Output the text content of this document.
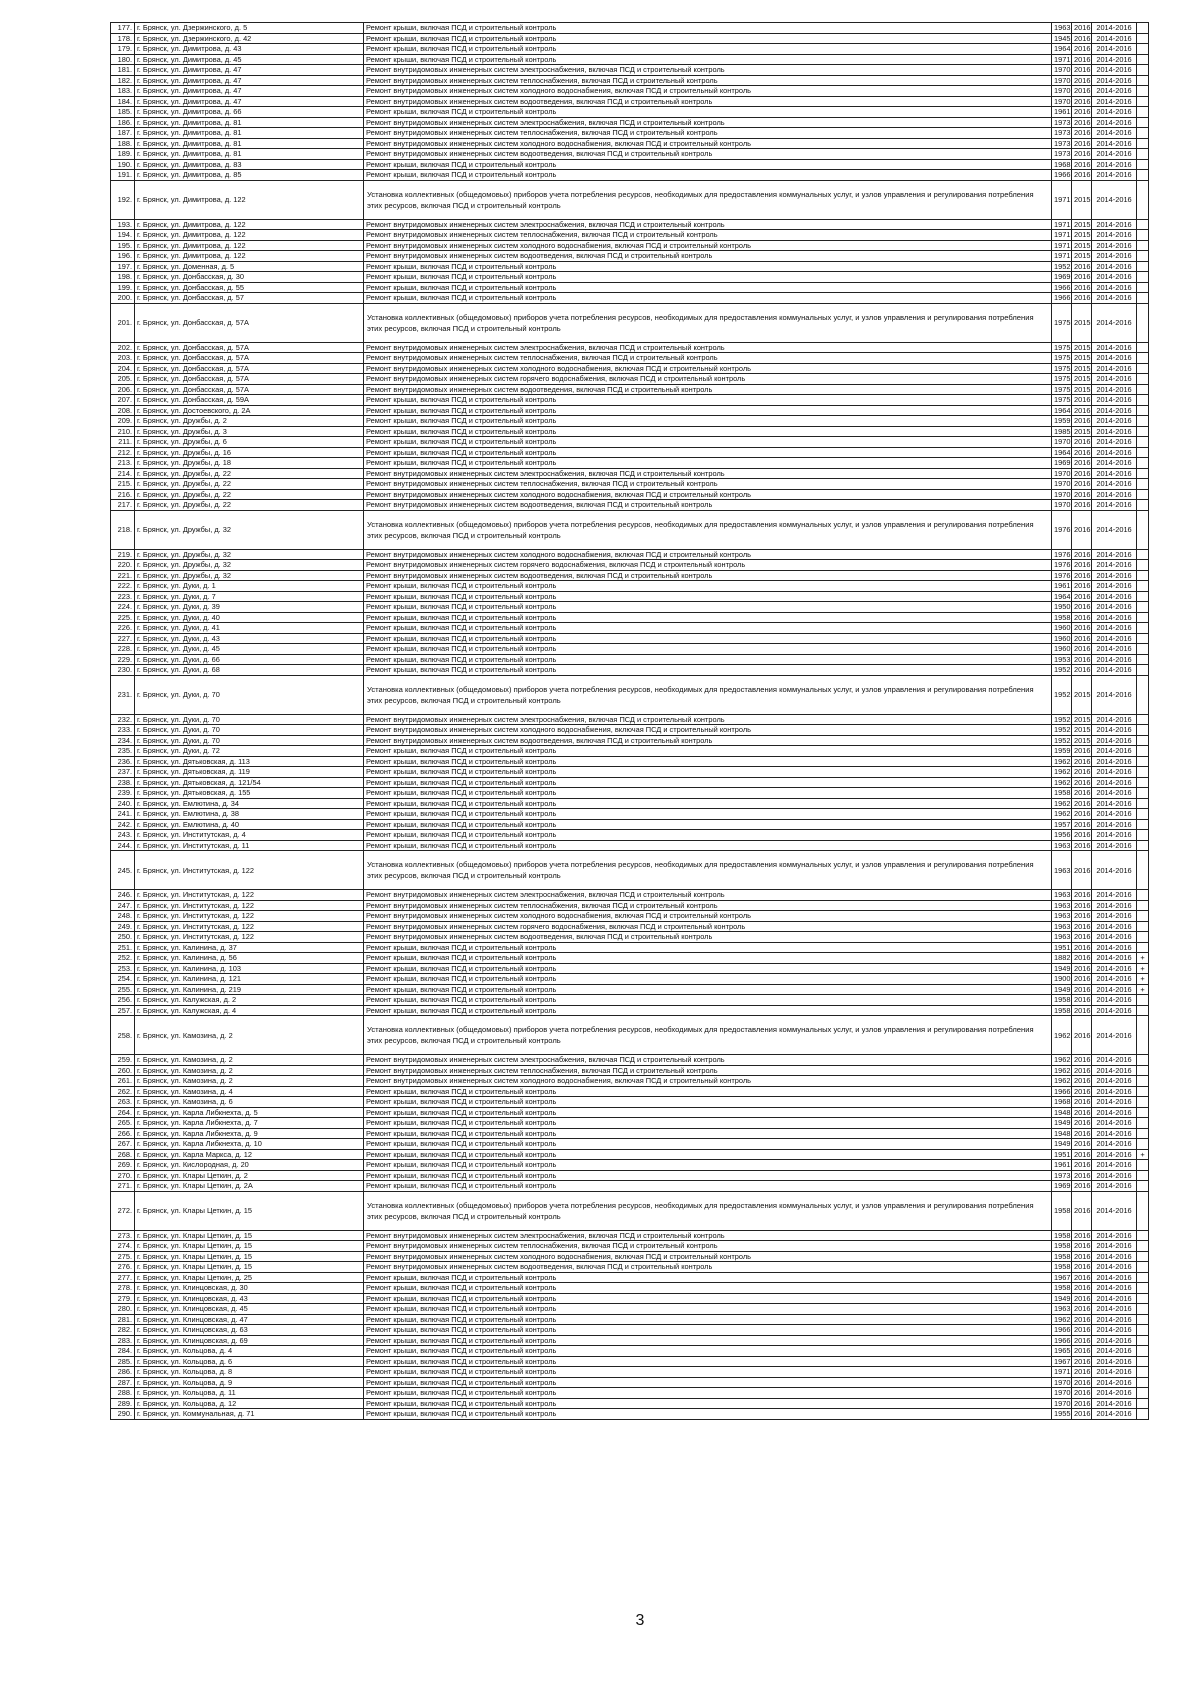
177.	г. Брянск, ул. Дзержинского, д. 5	Ремонт крыши, включая ПСД и строительный контроль	1963	2016	2014-2016	
178.	г. Брянск, ул. Дзержинского, д. 42	Ремонт крыши, включая ПСД и строительный контроль	1945	2016	2014-2016	
179.	г. Брянск, ул. Димитрова, д. 43	Ремонт крыши, включая ПСД и строительный контроль	1964	2016	2014-2016	
180.	г. Брянск, ул. Димитрова, д. 45	Ремонт крыши, включая ПСД и строительный контроль	1971	2016	2014-2016	
181.	г. Брянск, ул. Димитрова, д. 47	Ремонт внутридомовых инженерных систем электроснабжения, включая ПСД и строительный контроль	1970	2016	2014-2016	
182.	г. Брянск, ул. Димитрова, д. 47	Ремонт внутридомовых инженерных систем теплоснабжения, включая ПСД и строительный контроль	1970	2016	2014-2016	
183.	г. Брянск, ул. Димитрова, д. 47	Ремонт внутридомовых инженерных систем холодного водоснабжения, включая ПСД и строительный контроль	1970	2016	2014-2016	
184.	г. Брянск, ул. Димитрова, д. 47	Ремонт внутридомовых инженерных систем водоотведения, включая ПСД и строительный контроль	1970	2016	2014-2016	
185.	г. Брянск, ул. Димитрова, д. 66	Ремонт крыши, включая ПСД и строительный контроль	1961	2016	2014-2016	
186.	г. Брянск, ул. Димитрова, д. 81	Ремонт внутридомовых инженерных систем электроснабжения, включая ПСД и строительный контроль	1973	2016	2014-2016	
187.	г. Брянск, ул. Димитрова, д. 81	Ремонт внутридомовых инженерных систем теплоснабжения, включая ПСД и строительный контроль	1973	2016	2014-2016	
188.	г. Брянск, ул. Димитрова, д. 81	Ремонт внутридомовых инженерных систем холодного водоснабжения, включая ПСД и строительный контроль	1973	2016	2014-2016	
189.	г. Брянск, ул. Димитрова, д. 81	Ремонт внутридомовых инженерных систем водоотведения, включая ПСД и строительный контроль	1973	2016	2014-2016	
190.	г. Брянск, ул. Димитрова, д. 83	Ремонт крыши, включая ПСД и строительный контроль	1968	2016	2014-2016	
191.	г. Брянск, ул. Димитрова, д. 85	Ремонт крыши, включая ПСД и строительный контроль	1966	2016	2014-2016	
192.	г. Брянск, ул. Димитрова, д. 122	Установка коллективных (общедомовых) приборов учета потребления ресурсов, необходимых для предоставления коммунальных услуг, и узлов управления и регулирования потребления этих ресурсов, включая ПСД и строительный контроль	1971	2015	2014-2016	
193.	г. Брянск, ул. Димитрова, д. 122	Ремонт внутридомовых инженерных систем электроснабжения, включая ПСД и строительный контроль	1971	2015	2014-2016	
194.	г. Брянск, ул. Димитрова, д. 122	Ремонт внутридомовых инженерных систем теплоснабжения, включая ПСД и строительный контроль	1971	2015	2014-2016	
195.	г. Брянск, ул. Димитрова, д. 122	Ремонт внутридомовых инженерных систем холодного водоснабжения, включая ПСД и строительный контроль	1971	2015	2014-2016	
196.	г. Брянск, ул. Димитрова, д. 122	Ремонт внутридомовых инженерных систем водоотведения, включая ПСД и строительный контроль	1971	2015	2014-2016	
197.	г. Брянск, ул. Доменная, д. 5	Ремонт крыши, включая ПСД и строительный контроль	1952	2016	2014-2016	
198.	г. Брянск, ул. Донбасская, д. 30	Ремонт крыши, включая ПСД и строительный контроль	1969	2016	2014-2016	
199.	г. Брянск, ул. Донбасская, д. 55	Ремонт крыши, включая ПСД и строительный контроль	1966	2016	2014-2016	
200.	г. Брянск, ул. Донбасская, д. 57	Ремонт крыши, включая ПСД и строительный контроль	1966	2016	2014-2016	
201.	г. Брянск, ул. Донбасская, д. 57А	Установка коллективных (общедомовых) приборов учета потребления ресурсов, необходимых для предоставления коммунальных услуг, и узлов управления и регулирования потребления этих ресурсов, включая ПСД и строительный контроль	1975	2015	2014-2016	
202.	г. Брянск, ул. Донбасская, д. 57А	Ремонт внутридомовых инженерных систем электроснабжения, включая ПСД и строительный контроль	1975	2015	2014-2016	
203.	г. Брянск, ул. Донбасская, д. 57А	Ремонт внутридомовых инженерных систем теплоснабжения, включая ПСД и строительный контроль	1975	2015	2014-2016	
204.	г. Брянск, ул. Донбасская, д. 57А	Ремонт внутридомовых инженерных систем холодного водоснабжения, включая ПСД и строительный контроль	1975	2015	2014-2016	
205.	г. Брянск, ул. Донбасская, д. 57А	Ремонт внутридомовых инженерных систем горячего водоснабжения, включая ПСД и строительный контроль	1975	2015	2014-2016	
206.	г. Брянск, ул. Донбасская, д. 57А	Ремонт внутридомовых инженерных систем водоотведения, включая ПСД и строительный контроль	1975	2015	2014-2016	
207.	г. Брянск, ул. Донбасская, д. 59А	Ремонт крыши, включая ПСД и строительный контроль	1975	2016	2014-2016	
208.	г. Брянск, ул. Достоевского, д. 2А	Ремонт крыши, включая ПСД и строительный контроль	1964	2016	2014-2016	
209.	г. Брянск, ул. Дружбы, д. 2	Ремонт крыши, включая ПСД и строительный контроль	1959	2016	2014-2016	
210.	г. Брянск, ул. Дружбы, д. 3	Ремонт крыши, включая ПСД и строительный контроль	1985	2015	2014-2016	
211.	г. Брянск, ул. Дружбы, д. 6	Ремонт крыши, включая ПСД и строительный контроль	1970	2016	2014-2016	
212.	г. Брянск, ул. Дружбы, д. 16	Ремонт крыши, включая ПСД и строительный контроль	1964	2016	2014-2016	
213.	г. Брянск, ул. Дружбы, д. 18	Ремонт крыши, включая ПСД и строительный контроль	1969	2016	2014-2016	
214.	г. Брянск, ул. Дружбы, д. 22	Ремонт внутридомовых инженерных систем электроснабжения, включая ПСД и строительный контроль	1970	2016	2014-2016	
215.	г. Брянск, ул. Дружбы, д. 22	Ремонт внутридомовых инженерных систем теплоснабжения, включая ПСД и строительный контроль	1970	2016	2014-2016	
216.	г. Брянск, ул. Дружбы, д. 22	Ремонт внутридомовых инженерных систем холодного водоснабжения, включая ПСД и строительный контроль	1970	2016	2014-2016	
217.	г. Брянск, ул. Дружбы, д. 22	Ремонт внутридомовых инженерных систем водоотведения, включая ПСД и строительный контроль	1970	2016	2014-2016	
218.	г. Брянск, ул. Дружбы, д. 32	Установка коллективных (общедомовых) приборов учета потребления ресурсов, необходимых для предоставления коммунальных услуг, и узлов управления и регулирования потребления этих ресурсов, включая ПСД и строительный контроль	1976	2016	2014-2016	
219.	г. Брянск, ул. Дружбы, д. 32	Ремонт внутридомовых инженерных систем холодного водоснабжения, включая ПСД и строительный контроль	1976	2016	2014-2016	
220.	г. Брянск, ул. Дружбы, д. 32	Ремонт внутридомовых инженерных систем горячего водоснабжения, включая ПСД и строительный контроль	1976	2016	2014-2016	
221.	г. Брянск, ул. Дружбы, д. 32	Ремонт внутридомовых инженерных систем водоотведения, включая ПСД и строительный контроль	1976	2016	2014-2016	
222.	г. Брянск, ул. Дуки, д. 1	Ремонт крыши, включая ПСД и строительный контроль	1961	2016	2014-2016	
223.	г. Брянск, ул. Дуки, д. 7	Ремонт крыши, включая ПСД и строительный контроль	1964	2016	2014-2016	
224.	г. Брянск, ул. Дуки, д. 39	Ремонт крыши, включая ПСД и строительный контроль	1950	2016	2014-2016	
225.	г. Брянск, ул. Дуки, д. 40	Ремонт крыши, включая ПСД и строительный контроль	1958	2016	2014-2016	
226.	г. Брянск, ул. Дуки, д. 41	Ремонт крыши, включая ПСД и строительный контроль	1960	2016	2014-2016	
227.	г. Брянск, ул. Дуки, д. 43	Ремонт крыши, включая ПСД и строительный контроль	1960	2016	2014-2016	
228.	г. Брянск, ул. Дуки, д. 45	Ремонт крыши, включая ПСД и строительный контроль	1960	2016	2014-2016	
229.	г. Брянск, ул. Дуки, д. 66	Ремонт крыши, включая ПСД и строительный контроль	1953	2016	2014-2016	
230.	г. Брянск, ул. Дуки, д. 68	Ремонт крыши, включая ПСД и строительный контроль	1952	2016	2014-2016	
231.	г. Брянск, ул. Дуки, д. 70	Установка коллективных (общедомовых) приборов учета потребления ресурсов, необходимых для предоставления коммунальных услуг, и узлов управления и регулирования потребления этих ресурсов, включая ПСД и строительный контроль	1952	2015	2014-2016	
232.	г. Брянск, ул. Дуки, д. 70	Ремонт внутридомовых инженерных систем электроснабжения, включая ПСД и строительный контроль	1952	2015	2014-2016	
233.	г. Брянск, ул. Дуки, д. 70	Ремонт внутридомовых инженерных систем холодного водоснабжения, включая ПСД и строительный контроль	1952	2015	2014-2016	
234.	г. Брянск, ул. Дуки, д. 70	Ремонт внутридомовых инженерных систем водоотведения, включая ПСД и строительный контроль	1952	2015	2014-2016	
235.	г. Брянск, ул. Дуки, д. 72	Ремонт крыши, включая ПСД и строительный контроль	1959	2016	2014-2016	
236.	г. Брянск, ул. Дятьковская, д. 113	Ремонт крыши, включая ПСД и строительный контроль	1962	2016	2014-2016	
237.	г. Брянск, ул. Дятьковская, д. 119	Ремонт крыши, включая ПСД и строительный контроль	1962	2016	2014-2016	
238.	г. Брянск, ул. Дятьковская, д. 121/54	Ремонт крыши, включая ПСД и строительный контроль	1962	2016	2014-2016	
239.	г. Брянск, ул. Дятьковская, д. 155	Ремонт крыши, включая ПСД и строительный контроль	1958	2016	2014-2016	
240.	г. Брянск, ул. Емлютина, д. 34	Ремонт крыши, включая ПСД и строительный контроль	1962	2016	2014-2016	
241.	г. Брянск, ул. Емлютина, д. 38	Ремонт крыши, включая ПСД и строительный контроль	1962	2016	2014-2016	
242.	г. Брянск, ул. Емлютина, д. 40	Ремонт крыши, включая ПСД и строительный контроль	1957	2016	2014-2016	
243.	г. Брянск, ул. Институтская, д. 4	Ремонт крыши, включая ПСД и строительный контроль	1956	2016	2014-2016	
244.	г. Брянск, ул. Институтская, д. 11	Ремонт крыши, включая ПСД и строительный контроль	1963	2016	2014-2016	
245.	г. Брянск, ул. Институтская, д. 122	Установка коллективных (общедомовых) приборов учета потребления ресурсов, необходимых для предоставления коммунальных услуг, и узлов управления и регулирования потребления этих ресурсов, включая ПСД и строительный контроль	1963	2016	2014-2016	
246.	г. Брянск, ул. Институтская, д. 122	Ремонт внутридомовых инженерных систем электроснабжения, включая ПСД и строительный контроль	1963	2016	2014-2016	
247.	г. Брянск, ул. Институтская, д. 122	Ремонт внутридомовых инженерных систем теплоснабжения, включая ПСД и строительный контроль	1963	2016	2014-2016	
248.	г. Брянск, ул. Институтская, д. 122	Ремонт внутридомовых инженерных систем холодного водоснабжения, включая ПСД и строительный контроль	1963	2016	2014-2016	
249.	г. Брянск, ул. Институтская, д. 122	Ремонт внутридомовых инженерных систем горячего водоснабжения, включая ПСД и строительный контроль	1963	2016	2014-2016	
250.	г. Брянск, ул. Институтская, д. 122	Ремонт внутридомовых инженерных систем водоотведения, включая ПСД и строительный контроль	1963	2016	2014-2016	
251.	г. Брянск, ул. Калинина, д. 37	Ремонт крыши, включая ПСД и строительный контроль	1951	2016	2014-2016	
252.	г. Брянск, ул. Калинина, д. 56	Ремонт крыши, включая ПСД и строительный контроль	1882	2016	2014-2016	+
253.	г. Брянск, ул. Калинина, д. 103	Ремонт крыши, включая ПСД и строительный контроль	1949	2016	2014-2016	+
254.	г. Брянск, ул. Калинина, д. 121	Ремонт крыши, включая ПСД и строительный контроль	1900	2016	2014-2016	+
255.	г. Брянск, ул. Калинина, д. 219	Ремонт крыши, включая ПСД и строительный контроль	1949	2016	2014-2016	+
256.	г. Брянск, ул. Калужская, д. 2	Ремонт крыши, включая ПСД и строительный контроль	1958	2016	2014-2016	
257.	г. Брянск, ул. Калужская, д. 4	Ремонт крыши, включая ПСД и строительный контроль	1958	2016	2014-2016	
258.	г. Брянск, ул. Камозина, д. 2	Установка коллективных (общедомовых) приборов учета потребления ресурсов, необходимых для предоставления коммунальных услуг, и узлов управления и регулирования потребления этих ресурсов, включая ПСД и строительный контроль	1962	2016	2014-2016	
259.	г. Брянск, ул. Камозина, д. 2	Ремонт внутридомовых инженерных систем электроснабжения, включая ПСД и строительный контроль	1962	2016	2014-2016	
260.	г. Брянск, ул. Камозина, д. 2	Ремонт внутридомовых инженерных систем теплоснабжения, включая ПСД и строительный контроль	1962	2016	2014-2016	
261.	г. Брянск, ул. Камозина, д. 2	Ремонт внутридомовых инженерных систем холодного водоснабжения, включая ПСД и строительный контроль	1962	2016	2014-2016	
262.	г. Брянск, ул. Камозина, д. 4	Ремонт крыши, включая ПСД и строительный контроль	1966	2016	2014-2016	
263.	г. Брянск, ул. Камозина, д. 6	Ремонт крыши, включая ПСД и строительный контроль	1968	2016	2014-2016	
264.	г. Брянск, ул. Карла Либкнехта, д. 5	Ремонт крыши, включая ПСД и строительный контроль	1948	2016	2014-2016	
265.	г. Брянск, ул. Карла Либкнехта, д. 7	Ремонт крыши, включая ПСД и строительный контроль	1949	2016	2014-2016	
266.	г. Брянск, ул. Карла Либкнехта, д. 9	Ремонт крыши, включая ПСД и строительный контроль	1948	2016	2014-2016	
267.	г. Брянск, ул. Карла Либкнехта, д. 10	Ремонт крыши, включая ПСД и строительный контроль	1949	2016	2014-2016	
268.	г. Брянск, ул. Карла Маркса, д. 12	Ремонт крыши, включая ПСД и строительный контроль	1951	2016	2014-2016	+
269.	г. Брянск, ул. Кислородная, д. 20	Ремонт крыши, включая ПСД и строительный контроль	1961	2016	2014-2016	
270.	г. Брянск, ул. Клары Цеткин, д. 2	Ремонт крыши, включая ПСД и строительный контроль	1973	2016	2014-2016	
271.	г. Брянск, ул. Клары Цеткин, д. 2А	Ремонт крыши, включая ПСД и строительный контроль	1969	2016	2014-2016	
272.	г. Брянск, ул. Клары Цеткин, д. 15	Установка коллективных (общедомовых) приборов учета потребления ресурсов, необходимых для предоставления коммунальных услуг, и узлов управления и регулирования потребления этих ресурсов, включая ПСД и строительный контроль	1958	2016	2014-2016	
273.	г. Брянск, ул. Клары Цеткин, д. 15	Ремонт внутридомовых инженерных систем электроснабжения, включая ПСД и строительный контроль	1958	2016	2014-2016	
274.	г. Брянск, ул. Клары Цеткин, д. 15	Ремонт внутридомовых инженерных систем теплоснабжения, включая ПСД и строительный контроль	1958	2016	2014-2016	
275.	г. Брянск, ул. Клары Цеткин, д. 15	Ремонт внутридомовых инженерных систем холодного водоснабжения, включая ПСД и строительный контроль	1958	2016	2014-2016	
276.	г. Брянск, ул. Клары Цеткин, д. 15	Ремонт внутридомовых инженерных систем водоотведения, включая ПСД и строительный контроль	1958	2016	2014-2016	
277.	г. Брянск, ул. Клары Цеткин, д. 25	Ремонт крыши, включая ПСД и строительный контроль	1967	2016	2014-2016	
278.	г. Брянск, ул. Клинцовская, д. 30	Ремонт крыши, включая ПСД и строительный контроль	1958	2016	2014-2016	
279.	г. Брянск, ул. Клинцовская, д. 43	Ремонт крыши, включая ПСД и строительный контроль	1949	2016	2014-2016	
280.	г. Брянск, ул. Клинцовская, д. 45	Ремонт крыши, включая ПСД и строительный контроль	1963	2016	2014-2016	
281.	г. Брянск, ул. Клинцовская, д. 47	Ремонт крыши, включая ПСД и строительный контроль	1962	2016	2014-2016	
282.	г. Брянск, ул. Клинцовская, д. 63	Ремонт крыши, включая ПСД и строительный контроль	1966	2016	2014-2016	
283.	г. Брянск, ул. Клинцовская, д. 69	Ремонт крыши, включая ПСД и строительный контроль	1966	2016	2014-2016	
284.	г. Брянск, ул. Кольцова, д. 4	Ремонт крыши, включая ПСД и строительный контроль	1965	2016	2014-2016	
285.	г. Брянск, ул. Кольцова, д. 6	Ремонт крыши, включая ПСД и строительный контроль	1967	2016	2014-2016	
286.	г. Брянск, ул. Кольцова, д. 8	Ремонт крыши, включая ПСД и строительный контроль	1971	2016	2014-2016	
287.	г. Брянск, ул. Кольцова, д. 9	Ремонт крыши, включая ПСД и строительный контроль	1970	2016	2014-2016	
288.	г. Брянск, ул. Кольцова, д. 11	Ремонт крыши, включая ПСД и строительный контроль	1970	2016	2014-2016	
289.	г. Брянск, ул. Кольцова, д. 12	Ремонт крыши, включая ПСД и строительный контроль	1970	2016	2014-2016	
290.	г. Брянск, ул. Коммунальная, д. 71	Ремонт крыши, включая ПСД и строительный контроль	1955	2016	2014-2016	
3
